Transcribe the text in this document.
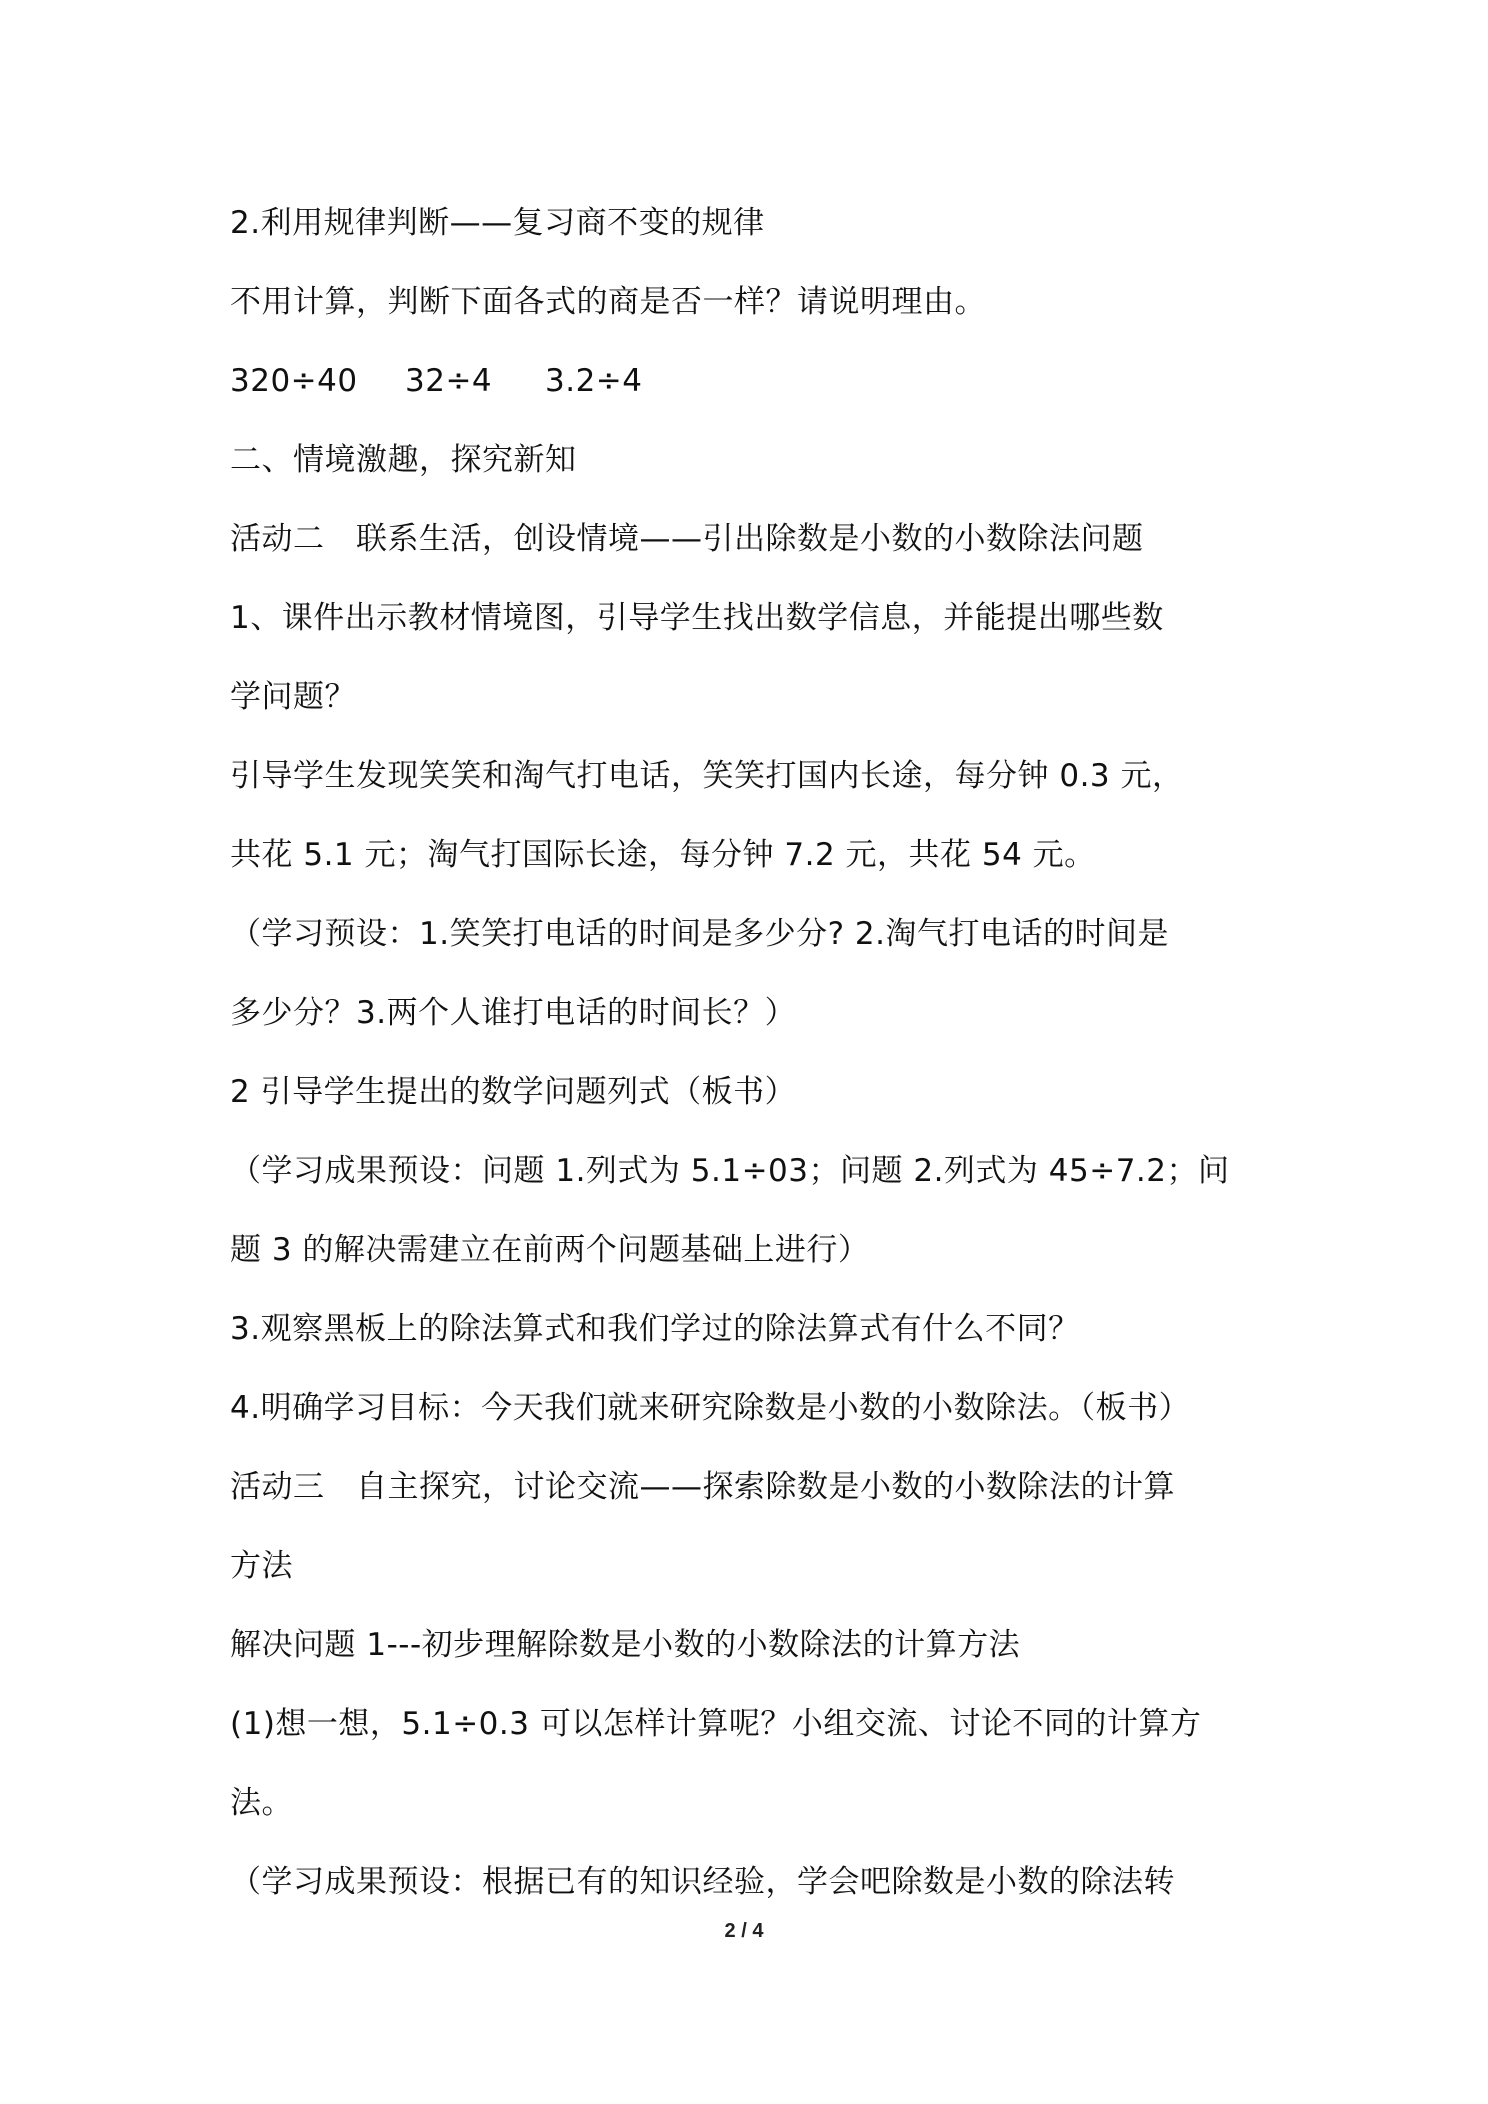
2.利用规律判断——复习商不变的规律
不用计算，判断下面各式的商是否一样？请说明理由。
320÷40 32÷4 3.2÷4
二、情境激趣，探究新知
活动二　联系生活，创设情境——引出除数是小数的小数除法问题
1、课件出示教材情境图，引导学生找出数学信息，并能提出哪些数
学问题？
引导学生发现笑笑和淘气打电话，笑笑打国内长途，每分钟 0.3 元，
共花 5.1 元；淘气打国际长途，每分钟 7.2 元，共花 54 元。
（学习预设：1.笑笑打电话的时间是多少分? 2.淘气打电话的时间是
多少分？3.两个人谁打电话的时间长？）
2 引导学生提出的数学问题列式（板书）
（学习成果预设：问题 1.列式为 5.1÷03；问题 2.列式为 45÷7.2；问
题 3 的解决需建立在前两个问题基础上进行）
3.观察黑板上的除法算式和我们学过的除法算式有什么不同？
4.明确学习目标：今天我们就来研究除数是小数的小数除法。（板书）
活动三　自主探究，讨论交流——探索除数是小数的小数除法的计算
方法
解决问题 1---初步理解除数是小数的小数除法的计算方法
(1)想一想，5.1÷0.3 可以怎样计算呢？小组交流、讨论不同的计算方
法。
（学习成果预设：根据已有的知识经验，学会吧除数是小数的除法转
2 / 4
